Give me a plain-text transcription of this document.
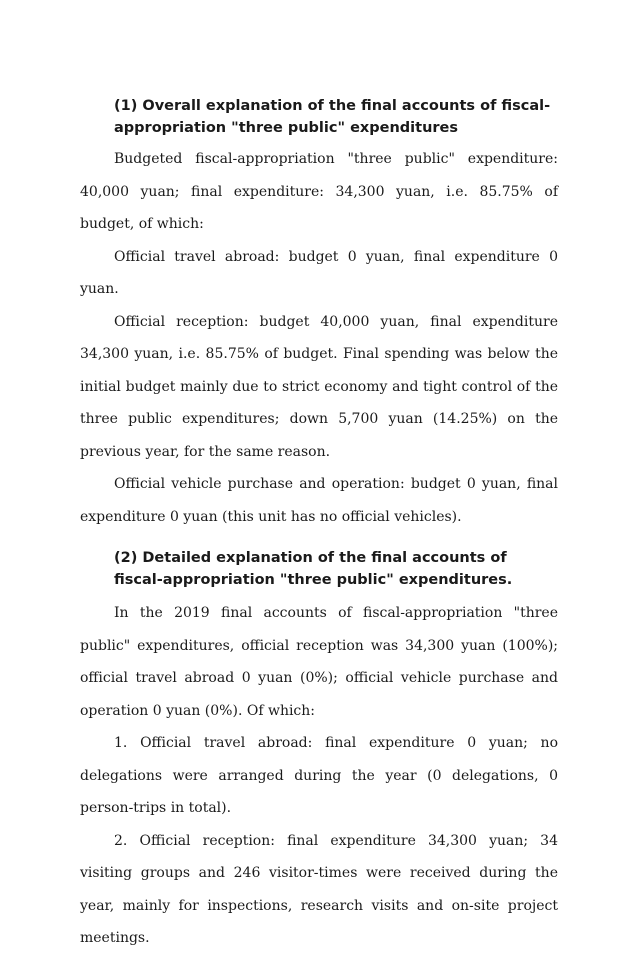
(1) Overall explanation of the final accounts of fiscal-appropriation "three public" expenditures

Budgeted fiscal-appropriation "three public" expenditure: 40,000 yuan; final expenditure: 34,300 yuan, i.e. 85.75% of budget, of which:

Official travel abroad: budget 0 yuan, final expenditure 0 yuan.

Official reception: budget 40,000 yuan, final expenditure 34,300 yuan, i.e. 85.75% of budget. Final spending was below the initial budget mainly due to strict economy and tight control of the three public expenditures; down 5,700 yuan (14.25%) on the previous year, for the same reason.

Official vehicle purchase and operation: budget 0 yuan, final expenditure 0 yuan (this unit has no official vehicles).

(2) Detailed explanation of the final accounts of fiscal-appropriation "three public" expenditures.

In the 2019 final accounts of fiscal-appropriation "three public" expenditures, official reception was 34,300 yuan (100%); official travel abroad 0 yuan (0%); official vehicle purchase and operation 0 yuan (0%). Of which:

1. Official travel abroad: final expenditure 0 yuan; no delegations were arranged during the year (0 delegations, 0 person-trips in total).

2. Official reception: final expenditure 34,300 yuan; 34 visiting groups and 246 visitor-times were received during the year, mainly for inspections, research visits and on-site project meetings.
